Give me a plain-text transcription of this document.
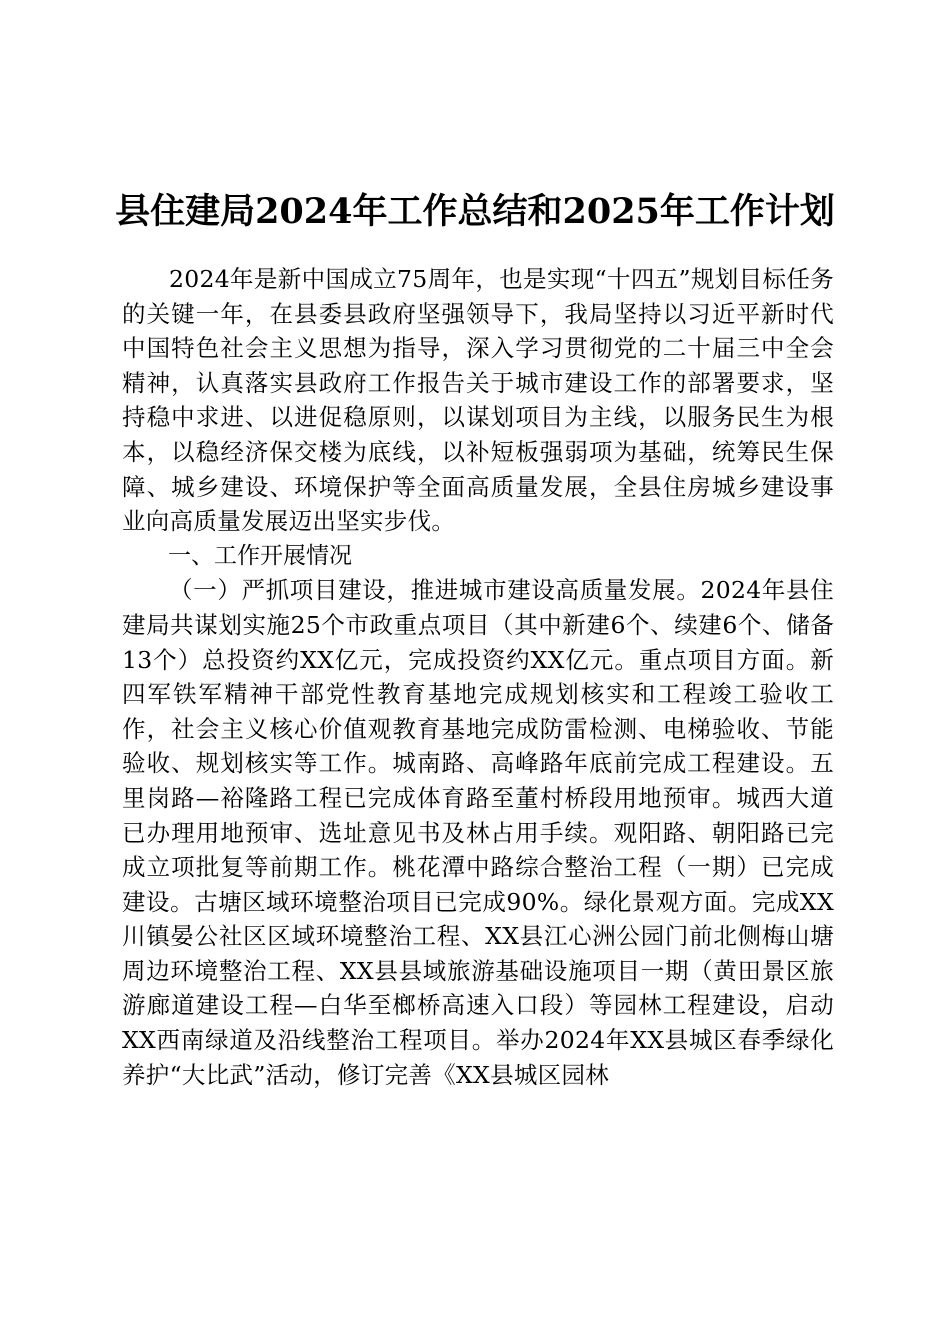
县住建局2024年工作总结和2025年工作计划

2024年是新中国成立75周年，也是实现“十四五”规划目标任务的关键一年，在县委县政府坚强领导下，我局坚持以习近平新时代中国特色社会主义思想为指导，深入学习贯彻党的二十届三中全会精神，认真落实县政府工作报告关于城市建设工作的部署要求，坚持稳中求进、以进促稳原则，以谋划项目为主线，以服务民生为根本，以稳经济保交楼为底线，以补短板强弱项为基础，统筹民生保障、城乡建设、环境保护等全面高质量发展，全县住房城乡建设事业向高质量发展迈出坚实步伐。

一、工作开展情况

（一）严抓项目建设，推进城市建设高质量发展。2024年县住建局共谋划实施25个市政重点项目（其中新建6个、续建6个、储备13个）总投资约XX亿元，完成投资约XX亿元。重点项目方面。新四军铁军精神干部党性教育基地完成规划核实和工程竣工验收工作，社会主义核心价值观教育基地完成防雷检测、电梯验收、节能验收、规划核实等工作。城南路、高峰路年底前完成工程建设。五里岗路—裕隆路工程已完成体育路至董村桥段用地预审。城西大道已办理用地预审、选址意见书及林占用手续。观阳路、朝阳路已完成立项批复等前期工作。桃花潭中路综合整治工程（一期）已完成建设。古塘区域环境整治项目已完成90%。绿化景观方面。完成XX川镇晏公社区区域环境整治工程、XX县江心洲公园门前北侧梅山塘周边环境整治工程、XX县县域旅游基础设施项目一期（黄田景区旅游廊道建设工程—白华至榔桥高速入口段）等园林工程建设，启动XX西南绿道及沿线整治工程项目。举办2024年XX县城区春季绿化养护“大比武”活动，修订完善《XX县城区园林
